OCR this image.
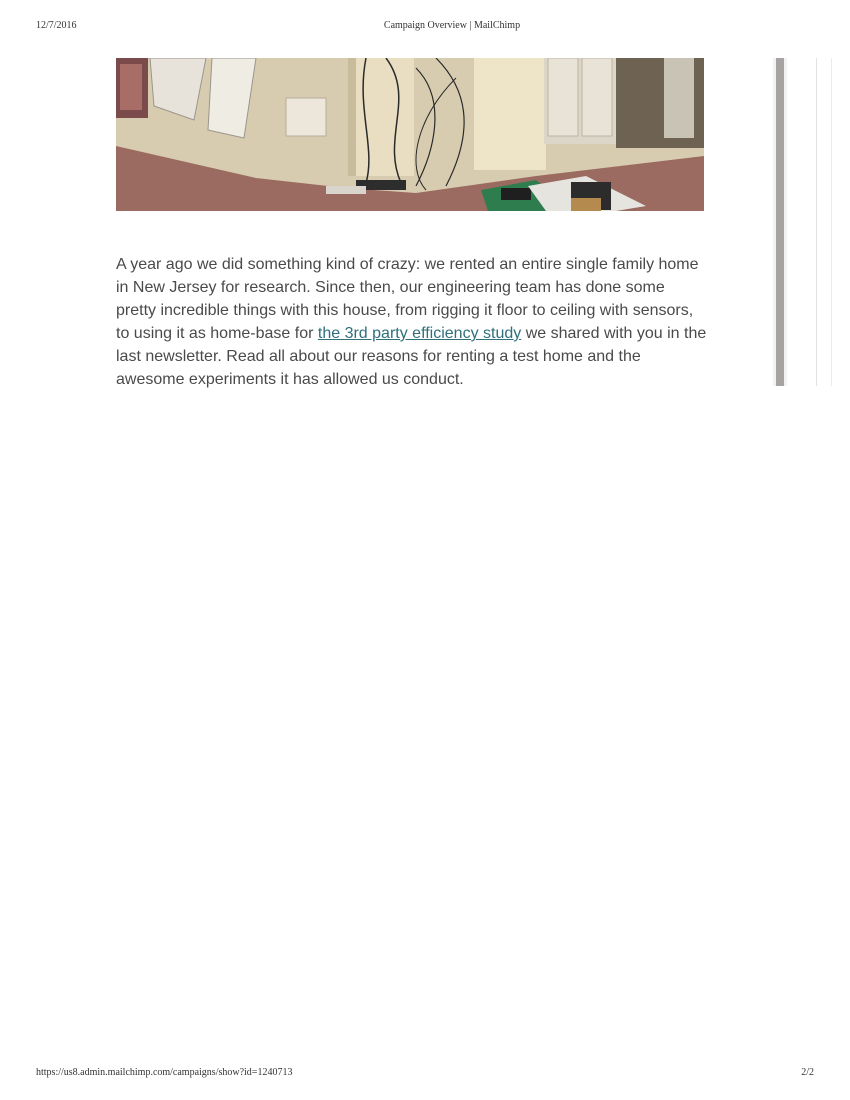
12/7/2016	Campaign Overview | MailChimp

A year ago we did something kind of crazy: we rented an entire single family home in New Jersey for research. Since then, our engineering team has done some pretty incredible things with this house, from rigging it floor to ceiling with sensors, to using it as home-base for the 3rd party efficiency study we shared with you in the last newsletter. Read all about our reasons for renting a test home and the awesome experiments it has allowed us conduct.

https://us8.admin.mailchimp.com/campaigns/show?id=1240713	2/2
